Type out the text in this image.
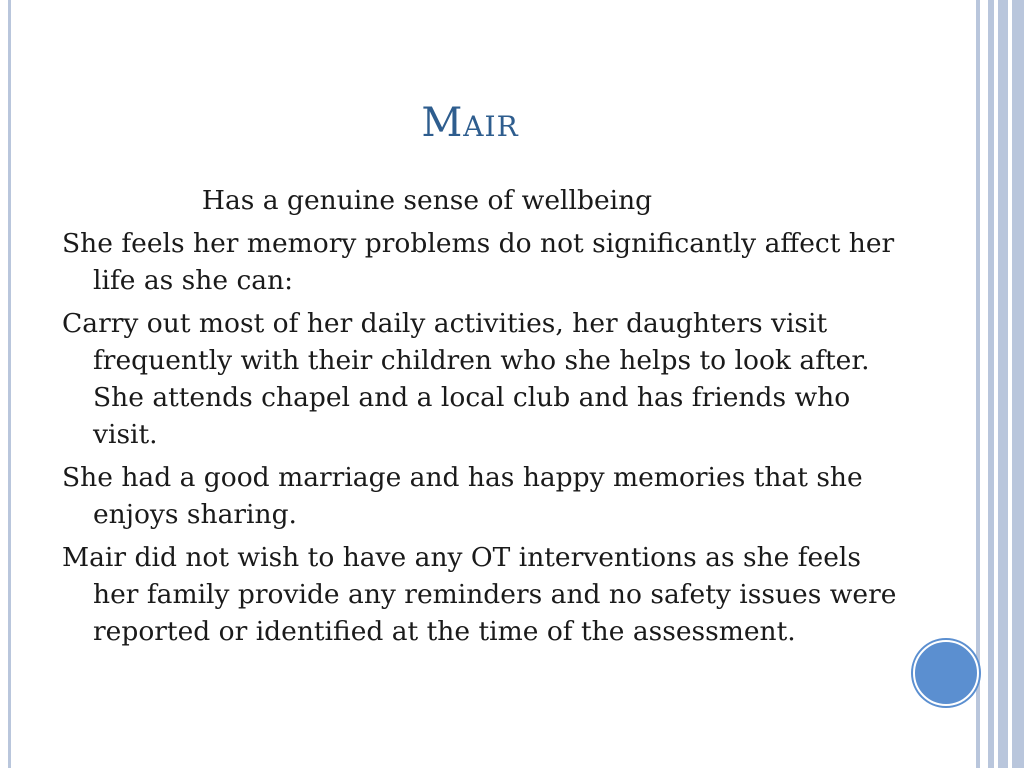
Mair
Has a genuine sense of wellbeing
She feels her memory problems do not significantly affect her life as she can:
Carry out most of her daily activities, her daughters visit frequently with their children who she helps to look after. She attends chapel and a local club and has friends who visit.
She had a good marriage and has happy memories that she enjoys sharing.
Mair did not wish to have any OT interventions as she feels her family provide any reminders and no safety issues were reported or identified at the time of the assessment.
